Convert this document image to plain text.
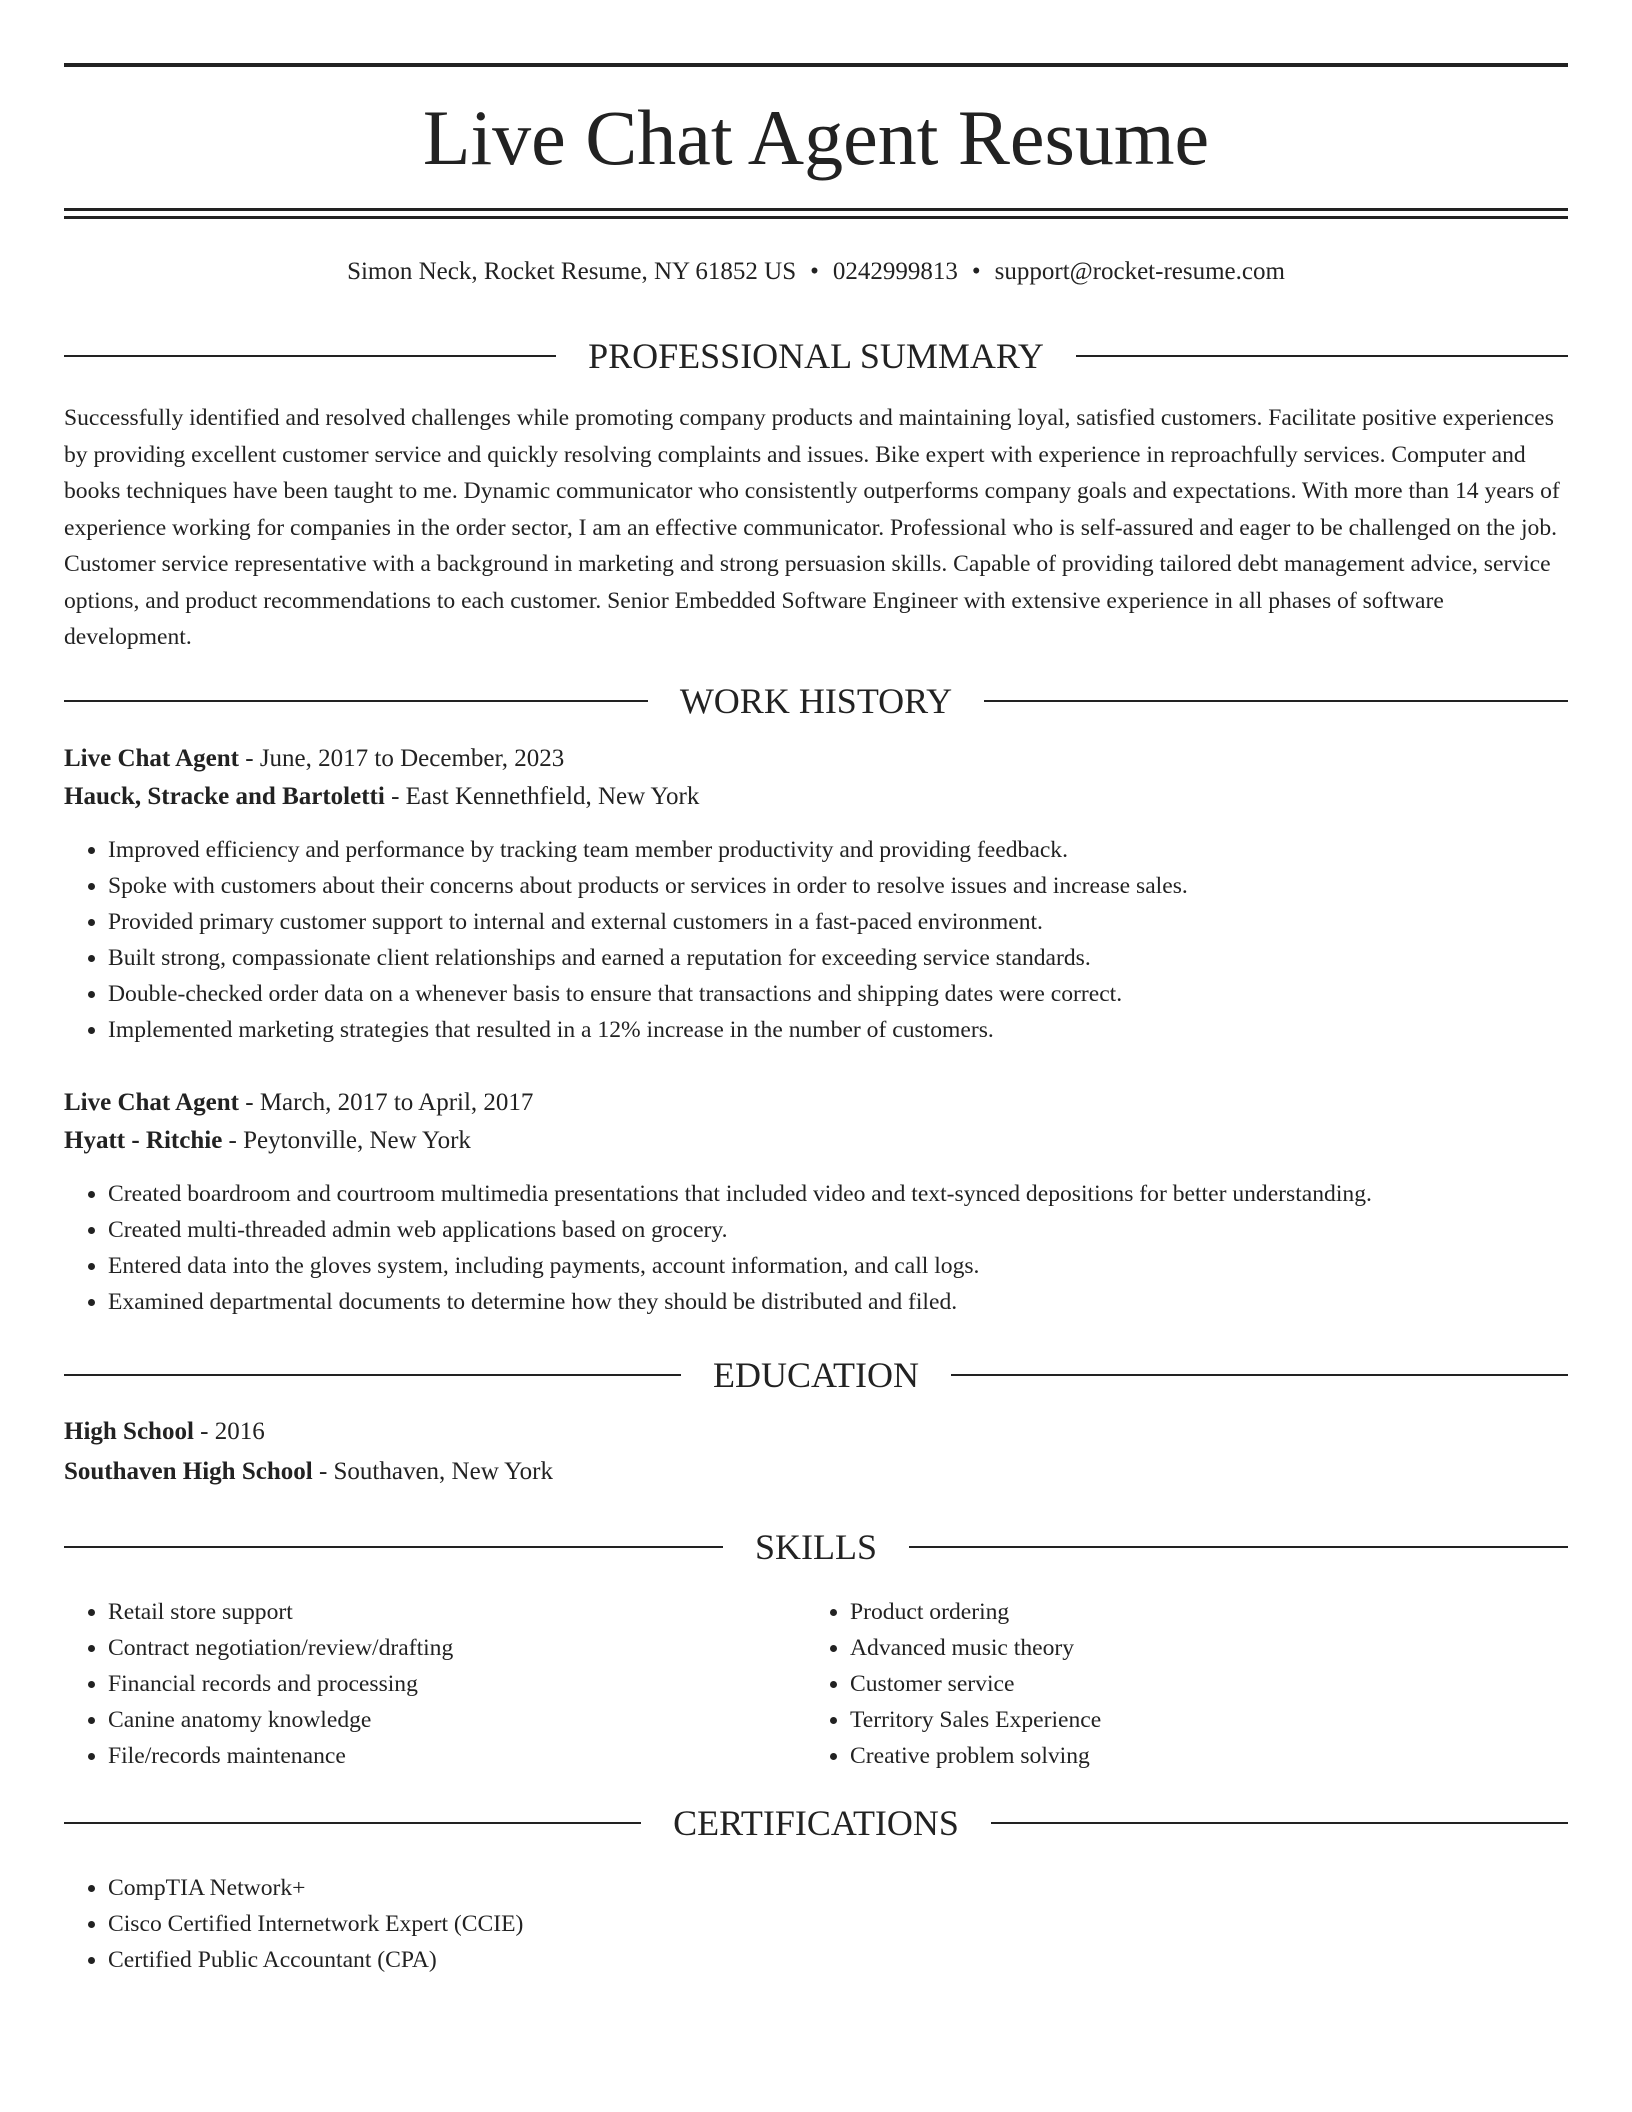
Live Chat Agent Resume
Simon Neck, Rocket Resume, NY 61852 US • 0242999813 • support@rocket-resume.com
PROFESSIONAL SUMMARY

Successfully identified and resolved challenges while promoting company products and maintaining loyal, satisfied customers. Facilitate positive experiences by providing excellent customer service and quickly resolving complaints and issues. Bike expert with experience in reproachfully services. Computer and books techniques have been taught to me. Dynamic communicator who consistently outperforms company goals and expectations. With more than 14 years of experience working for companies in the order sector, I am an effective communicator. Professional who is self-assured and eager to be challenged on the job. Customer service representative with a background in marketing and strong persuasion skills. Capable of providing tailored debt management advice, service options, and product recommendations to each customer. Senior Embedded Software Engineer with extensive experience in all phases of software development.

WORK HISTORY
Live Chat Agent - June, 2017 to December, 2023
Hauck, Stracke and Bartoletti - East Kennethfield, New York
• Improved efficiency and performance by tracking team member productivity and providing feedback.
• Spoke with customers about their concerns about products or services in order to resolve issues and increase sales.
• Provided primary customer support to internal and external customers in a fast-paced environment.
• Built strong, compassionate client relationships and earned a reputation for exceeding service standards.
• Double-checked order data on a whenever basis to ensure that transactions and shipping dates were correct.
• Implemented marketing strategies that resulted in a 12% increase in the number of customers.
Live Chat Agent - March, 2017 to April, 2017
Hyatt - Ritchie - Peytonville, New York
• Created boardroom and courtroom multimedia presentations that included video and text-synced depositions for better understanding.
• Created multi-threaded admin web applications based on grocery.
• Entered data into the gloves system, including payments, account information, and call logs.
• Examined departmental documents to determine how they should be distributed and filed.
EDUCATION
High School - 2016
Southaven High School - Southaven, New York
SKILLS
• Retail store support
• Contract negotiation/review/drafting
• Financial records and processing
• Canine anatomy knowledge
• File/records maintenance
• Product ordering
• Advanced music theory
• Customer service
• Territory Sales Experience
• Creative problem solving
CERTIFICATIONS
• CompTIA Network+
• Cisco Certified Internetwork Expert (CCIE)
• Certified Public Accountant (CPA)
